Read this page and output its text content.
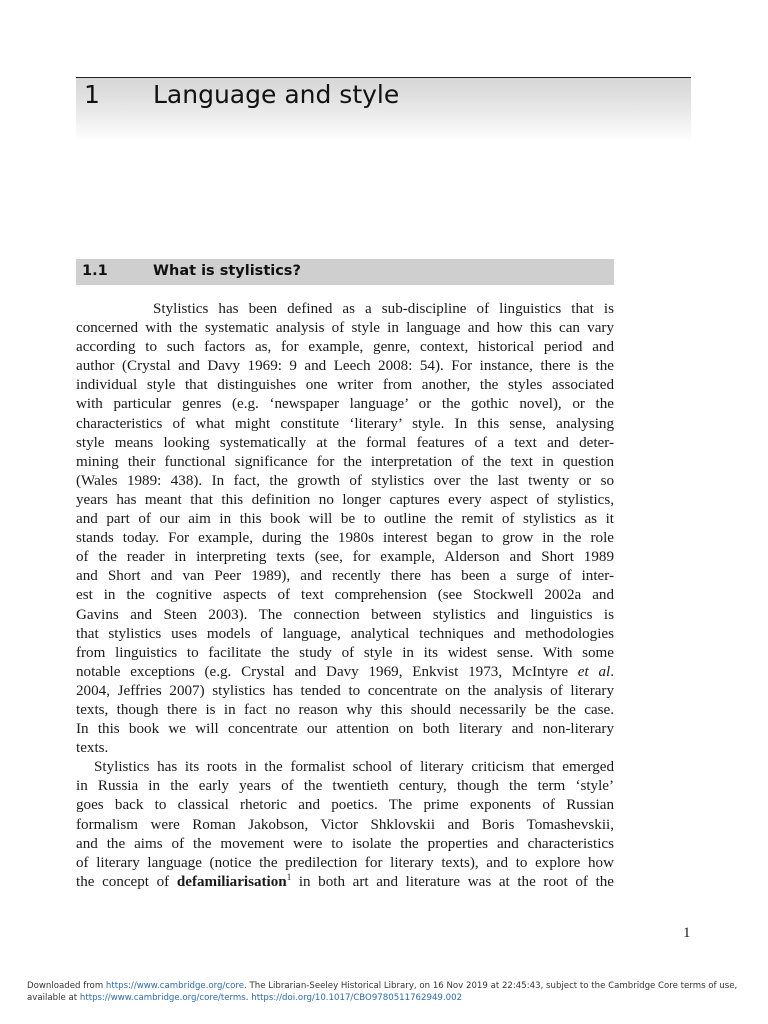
1 Language and style
1.1	What is stylistics?
Stylistics has been defined as a sub-discipline of linguistics that is
concerned with the systematic analysis of style in language and how this can vary
according to such factors as, for example, genre, context, historical period and
author (Crystal and Davy 1969: 9 and Leech 2008: 54). For instance, there is the
individual style that distinguishes one writer from another, the styles associated
with particular genres (e.g. ‘newspaper language’ or the gothic novel), or the
characteristics of what might constitute ‘literary’ style. In this sense, analysing
style means looking systematically at the formal features of a text and deter-
mining their functional significance for the interpretation of the text in question
(Wales 1989: 438). In fact, the growth of stylistics over the last twenty or so
years has meant that this definition no longer captures every aspect of stylistics,
and part of our aim in this book will be to outline the remit of stylistics as it
stands today. For example, during the 1980s interest began to grow in the role
of the reader in interpreting texts (see, for example, Alderson and Short 1989
and Short and van Peer 1989), and recently there has been a surge of inter-
est in the cognitive aspects of text comprehension (see Stockwell 2002a and
Gavins and Steen 2003). The connection between stylistics and linguistics is
that stylistics uses models of language, analytical techniques and methodologies
from linguistics to facilitate the study of style in its widest sense. With some
notable exceptions (e.g. Crystal and Davy 1969, Enkvist 1973, McIntyre et al.
2004, Jeffries 2007) stylistics has tended to concentrate on the analysis of literary
texts, though there is in fact no reason why this should necessarily be the case.
In this book we will concentrate our attention on both literary and non-literary
texts.
Stylistics has its roots in the formalist school of literary criticism that emerged
in Russia in the early years of the twentieth century, though the term ‘style’
goes back to classical rhetoric and poetics. The prime exponents of Russian
formalism were Roman Jakobson, Victor Shklovskii and Boris Tomashevskii,
and the aims of the movement were to isolate the properties and characteristics
of literary language (notice the predilection for literary texts), and to explore how
the concept of defamiliarisation$^1$ in both art and literature was at the root of the
1
Downloaded from https://www.cambridge.org/core. The Librarian-Seeley Historical Library, on 16 Nov 2019 at 22:45:43, subject to the Cambridge Core terms of use, available at https://www.cambridge.org/core/terms. https://doi.org/10.1017/CBO9780511762949.002
